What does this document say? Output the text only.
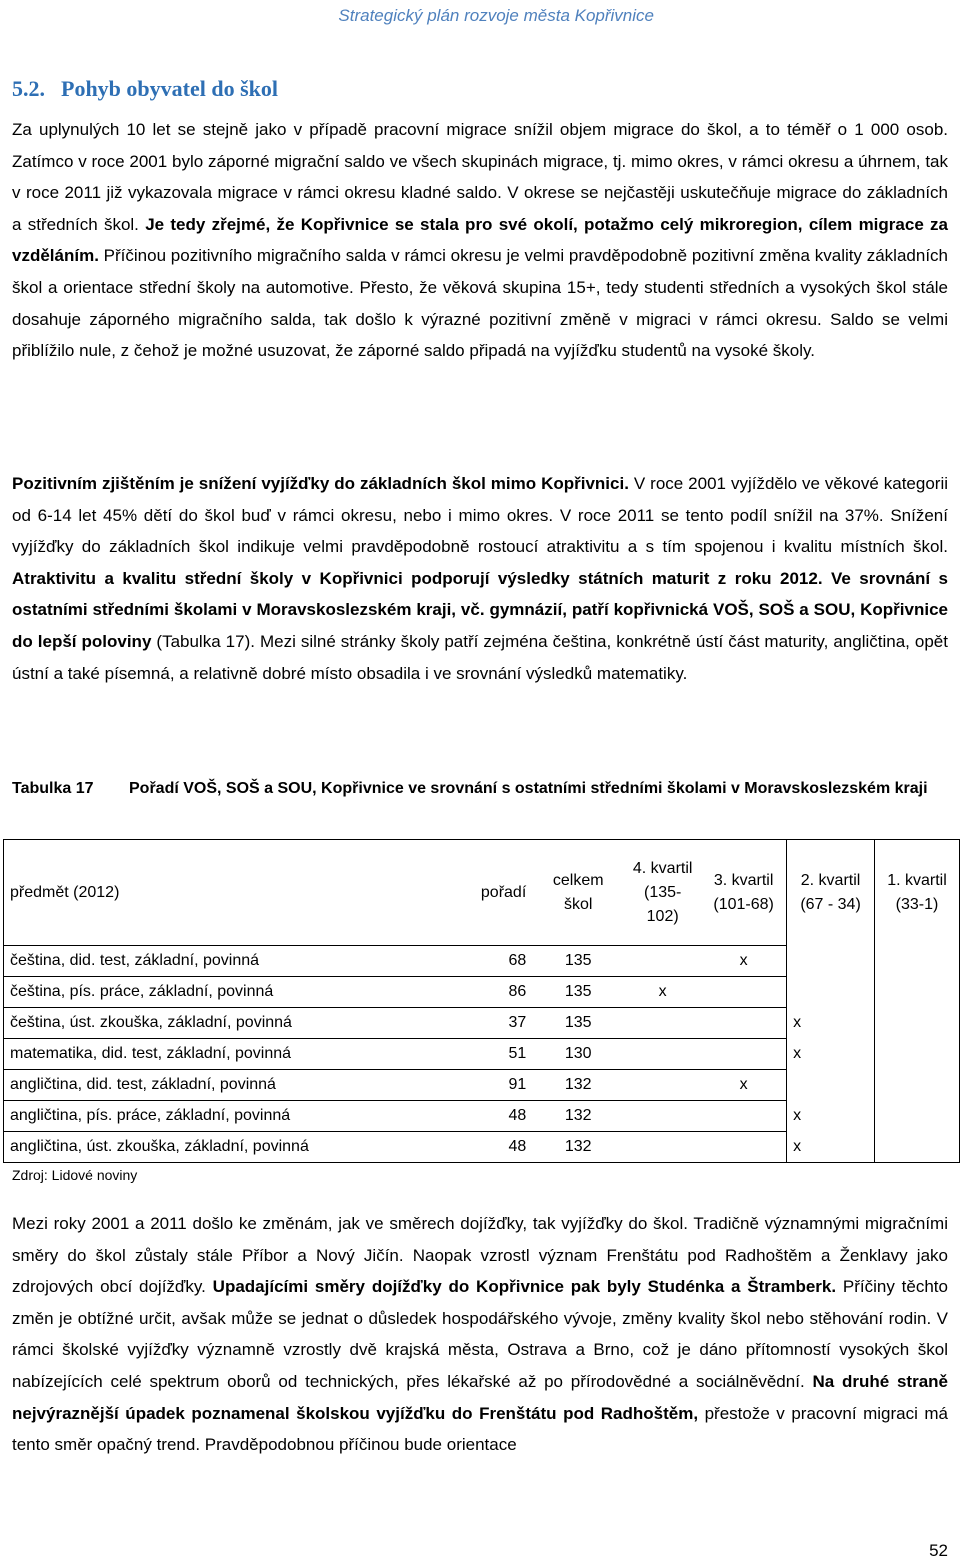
Strategický plán rozvoje města Kopřivnice
5.2. Pohyb obyvatel do škol
Za uplynulých 10 let se stejně jako v případě pracovní migrace snížil objem migrace do škol, a to téměř o 1 000 osob. Zatímco v roce 2001 bylo záporné migrační saldo ve všech skupinách migrace, tj. mimo okres, v rámci okresu a úhrnem, tak v roce 2011 již vykazovala migrace v rámci okresu kladné saldo. V okrese se nejčastěji uskutečňuje migrace do základních a středních škol. Je tedy zřejmé, že Kopřivnice se stala pro své okolí, potažmo celý mikroregion, cílem migrace za vzděláním. Příčinou pozitivního migračního salda v rámci okresu je velmi pravděpodobně pozitivní změna kvality základních škol a orientace střední školy na automotive. Přesto, že věková skupina 15+, tedy studenti středních a vysokých škol stále dosahuje záporného migračního salda, tak došlo k výrazné pozitivní změně v migraci v rámci okresu. Saldo se velmi přiblížilo nule, z čehož je možné usuzovat, že záporné saldo připadá na vyjížďku studentů na vysoké školy.
Pozitivním zjištěním je snížení vyjížďky do základních škol mimo Kopřivnici. V roce 2001 vyjíždělo ve věkové kategorii od 6-14 let 45% dětí do škol buď v rámci okresu, nebo i mimo okres. V roce 2011 se tento podíl snížil na 37%. Snížení vyjížďky do základních škol indikuje velmi pravděpodobně rostoucí atraktivitu a s tím spojenou i kvalitu místních škol. Atraktivitu a kvalitu střední školy v Kopřivnici podporují výsledky státních maturit z roku 2012. Ve srovnání s ostatními středními školami v Moravskoslezském kraji, vč. gymnázií, patří kopřivnická VOŠ, SOŠ a SOU, Kopřivnice do lepší poloviny (Tabulka 17). Mezi silné stránky školy patří zejména čeština, konkrétně ústí část maturity, angličtina, opět ústní a také písemná, a relativně dobré místo obsadila i ve srovnání výsledků matematiky.
Tabulka 17 Pořadí VOŠ, SOŠ a SOU, Kopřivnice ve srovnání s ostatními středními školami v Moravskoslezském kraji
předmět (2012)	pořadí	celkem škol	4. kvartil (135-102)	3. kvartil (101-68)	2. kvartil (67 - 34)	1. kvartil (33-1)
čeština, did. test, základní, povinná	68	135		x		
čeština, pís. práce, základní, povinná	86	135	x			
čeština, úst. zkouška, základní, povinná	37	135			x	
matematika, did. test, základní, povinná	51	130			x	
angličtina, did. test, základní, povinná	91	132		x		
angličtina, pís. práce, základní, povinná	48	132			x	
angličtina, úst. zkouška, základní, povinná	48	132			x	
Zdroj: Lidové noviny
Mezi roky 2001 a 2011 došlo ke změnám, jak ve směrech dojížďky, tak vyjížďky do škol. Tradičně významnými migračními směry do škol zůstaly stále Příbor a Nový Jičín. Naopak vzrostl význam Frenštátu pod Radhoštěm a Ženklavy jako zdrojových obcí dojížďky. Upadajícími směry dojížďky do Kopřivnice pak byly Studénka a Štramberk. Příčiny těchto změn je obtížné určit, avšak může se jednat o důsledek hospodářského vývoje, změny kvality škol nebo stěhování rodin. V rámci školské vyjížďky významně vzrostly dvě krajská města, Ostrava a Brno, což je dáno přítomností vysokých škol nabízejících celé spektrum oborů od technických, přes lékařské až po přírodovědné a sociálněvědní. Na druhé straně nejvýraznější úpadek poznamenal školskou vyjížďku do Frenštátu pod Radhoštěm, přestože v pracovní migraci má tento směr opačný trend. Pravděpodobnou příčinou bude orientace
52
